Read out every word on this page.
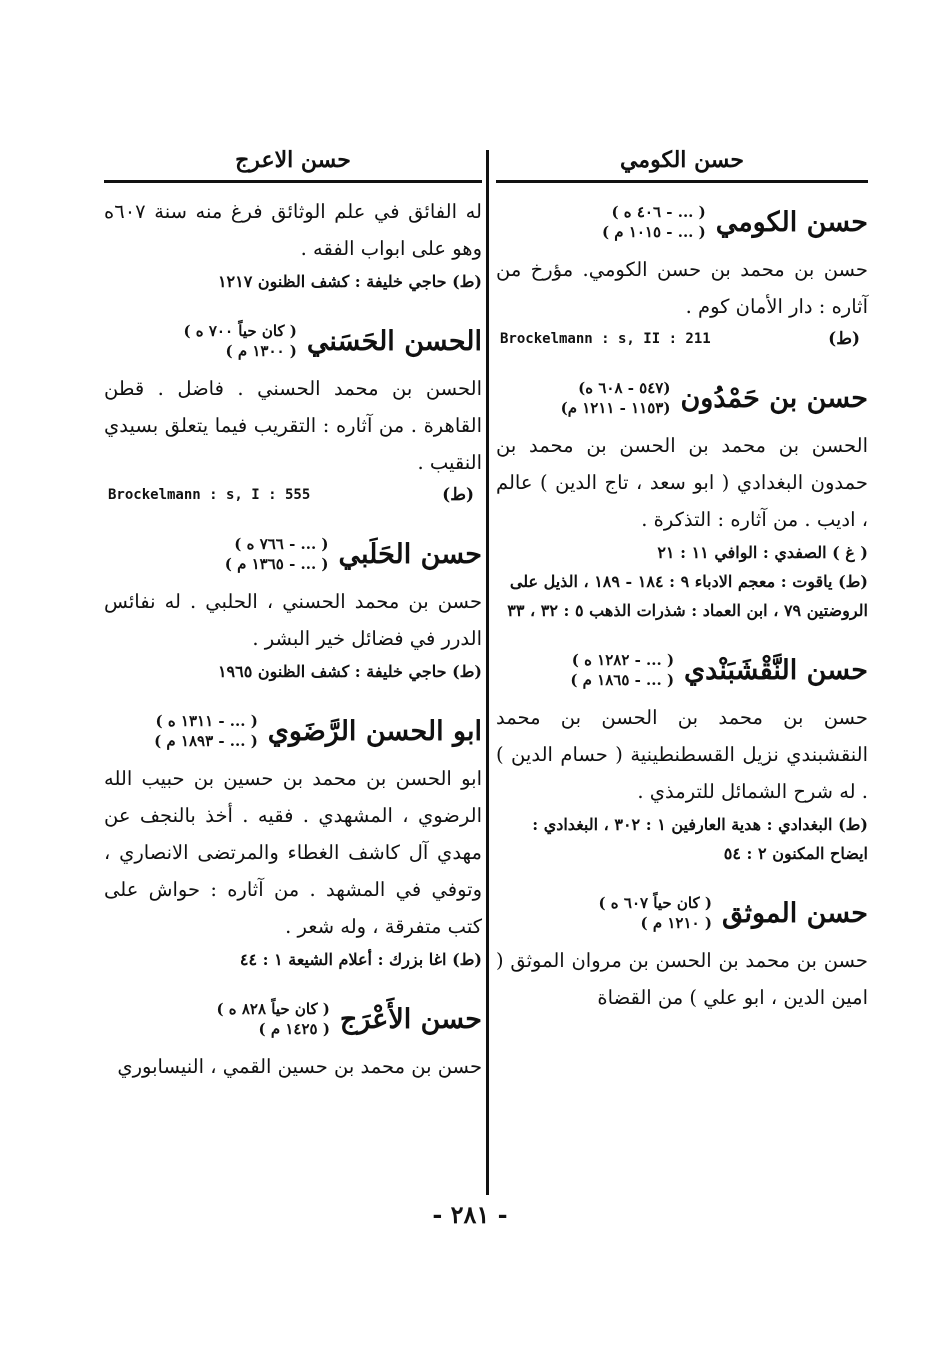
حسن الكومي
حسن الكومي
( ... - ٤٠٦ ه )
( ... - ١٠١٥ م )
حسن بن محمد بن حسن الكومي. مؤرخ من آثاره : دار الأمان كوم .
Brockelmann : s, II : 211	(ط)
حسن بن حَمْدُون
(٥٤٧ - ٦٠٨ ه)
(١١٥٣ - ١٢١١ م)
الحسن بن محمد بن الحسن بن محمد بن حمدون البغدادي ( ابو سعد ، تاج الدين ) عالم ، اديب . من آثاره : التذكرة .
( غ ) الصفدي : الوافي ١١ : ٢١
(ط) ياقوت : معجم الادباء ٩ : ١٨٤ - ١٨٩ ، الذيل على الروضتين ٧٩ ، ابن العماد : شذرات الذهب ٥ : ٣٢ ، ٣٣
حسن النَّقْشَبَنْدي
( ... - ١٢٨٢ ه )
( ... - ١٨٦٥ م )
حسن بن محمد بن الحسن بن محمد النقشبندي نزيل القسطنطينية ( حسام الدين ) . له شرح الشمائل للترمذي .
(ط) البغدادي : هدية العارفين ١ : ٣٠٢ ، البغدادي : ايضاح المكنون ٢ : ٥٤
حسن الموثق
( كان حياً ٦٠٧ ه )
( ١٢١٠ م )
حسن بن محمد بن الحسن بن مروان الموثق ( امين الدين ، ابو علي ) من القضاة
حسن الاعرج
له الفائق في علم الوثائق فرغ منه سنة ٦٠٧ه وهو على ابواب الفقه .
(ط) حاجي خليفة : كشف الظنون ١٢١٧
الحسن الحَسَني
( كان حياً ٧٠٠ ه )
( ١٣٠٠ م )
الحسن بن محمد الحسني . فاضل . قطن القاهرة . من آثاره : التقريب فيما يتعلق بسيدي النقيب .
Brockelmann : s, I : 555	(ط)
حسن الحَلَبي
( ... - ٧٦٦ ه )
( ... - ١٣٦٥ م )
حسن بن محمد الحسني ، الحلبي . له نفائس الدرر في فضائل خير البشر .
(ط) حاجي خليفة : كشف الظنون ١٩٦٥
ابو الحسن الرَّضَوي
( ... - ١٣١١ ه )
( ... - ١٨٩٣ م )
ابو الحسن بن محمد بن حسين بن حبيب الله الرضوي ، المشهدي . فقيه . أخذ بالنجف عن مهدي آل كاشف الغطاء والمرتضى الانصاري ، وتوفي في المشهد . من آثاره : حواش على كتب متفرقة ، وله شعر .
(ط) اغا بزرك : أعلام الشيعة ١ : ٤٤
حسن الأَعْرَج
( كان حياً ٨٢٨ ه )
( ١٤٢٥ م )
حسن بن محمد بن حسين القمي ، النيسابوري
- ٢٨١ -
